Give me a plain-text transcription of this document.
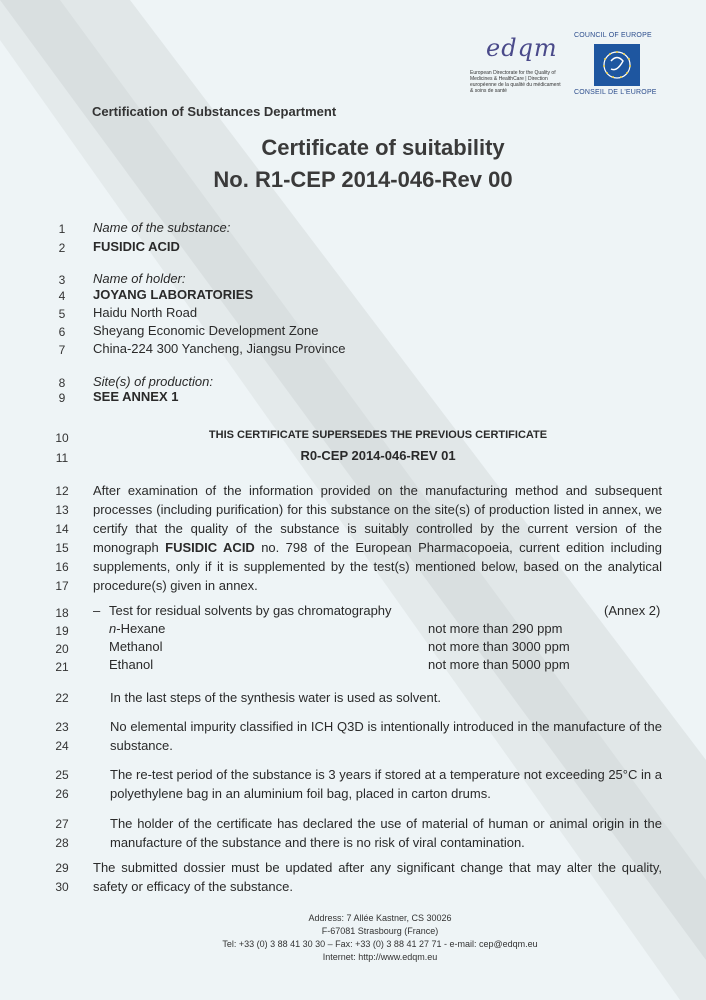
edqm
European Directorate for the Quality of Medicines & HealthCare | Direction européenne de la qualité du médicament & soins de santé
COUNCIL OF EUROPE
CONSEIL DE L'EUROPE
Certification of Substances Department
Certificate of suitability
No. R1-CEP 2014-046-Rev 00
1
2
3
4
5
6
7
8
9
10
11
12
13
14
15
16
17
18
19
20
21
22
23
24
25
26
27
28
29
30
Name of the substance:
FUSIDIC ACID
Name of holder:
JOYANG LABORATORIES
Haidu North Road
Sheyang Economic Development Zone
China-224 300 Yancheng, Jiangsu Province
Site(s) of production:
SEE ANNEX 1
THIS CERTIFICATE SUPERSEDES THE PREVIOUS CERTIFICATE
R0-CEP 2014-046-REV 01
After examination of the information provided on the manufacturing method and subsequent processes (including purification) for this substance on the site(s) of production listed in annex, we certify that the quality of the substance is suitably controlled by the current version of the monograph FUSIDIC ACID no. 798 of the European Pharmacopoeia, current edition including supplements, only if it is supplemented by the test(s) mentioned below, based on the analytical procedure(s) given in annex.
– Test for residual solvents by gas chromatography	(Annex 2)
n-Hexane	not more than 290 ppm
Methanol	not more than 3000 ppm
Ethanol	not more than 5000 ppm
In the last steps of the synthesis water is used as solvent.
No elemental impurity classified in ICH Q3D is intentionally introduced in the manufacture of the substance.
The re-test period of the substance is 3 years if stored at a temperature not exceeding 25°C in a polyethylene bag in an aluminium foil bag, placed in carton drums.
The holder of the certificate has declared the use of material of human or animal origin in the manufacture of the substance and there is no risk of viral contamination.
The submitted dossier must be updated after any significant change that may alter the quality, safety or efficacy of the substance.
Address: 7 Allée Kastner, CS 30026
F-67081 Strasbourg (France)
Tel: +33 (0) 3 88 41 30 30 – Fax: +33 (0) 3 88 41 27 71 - e-mail: cep@edqm.eu
Internet: http://www.edqm.eu
